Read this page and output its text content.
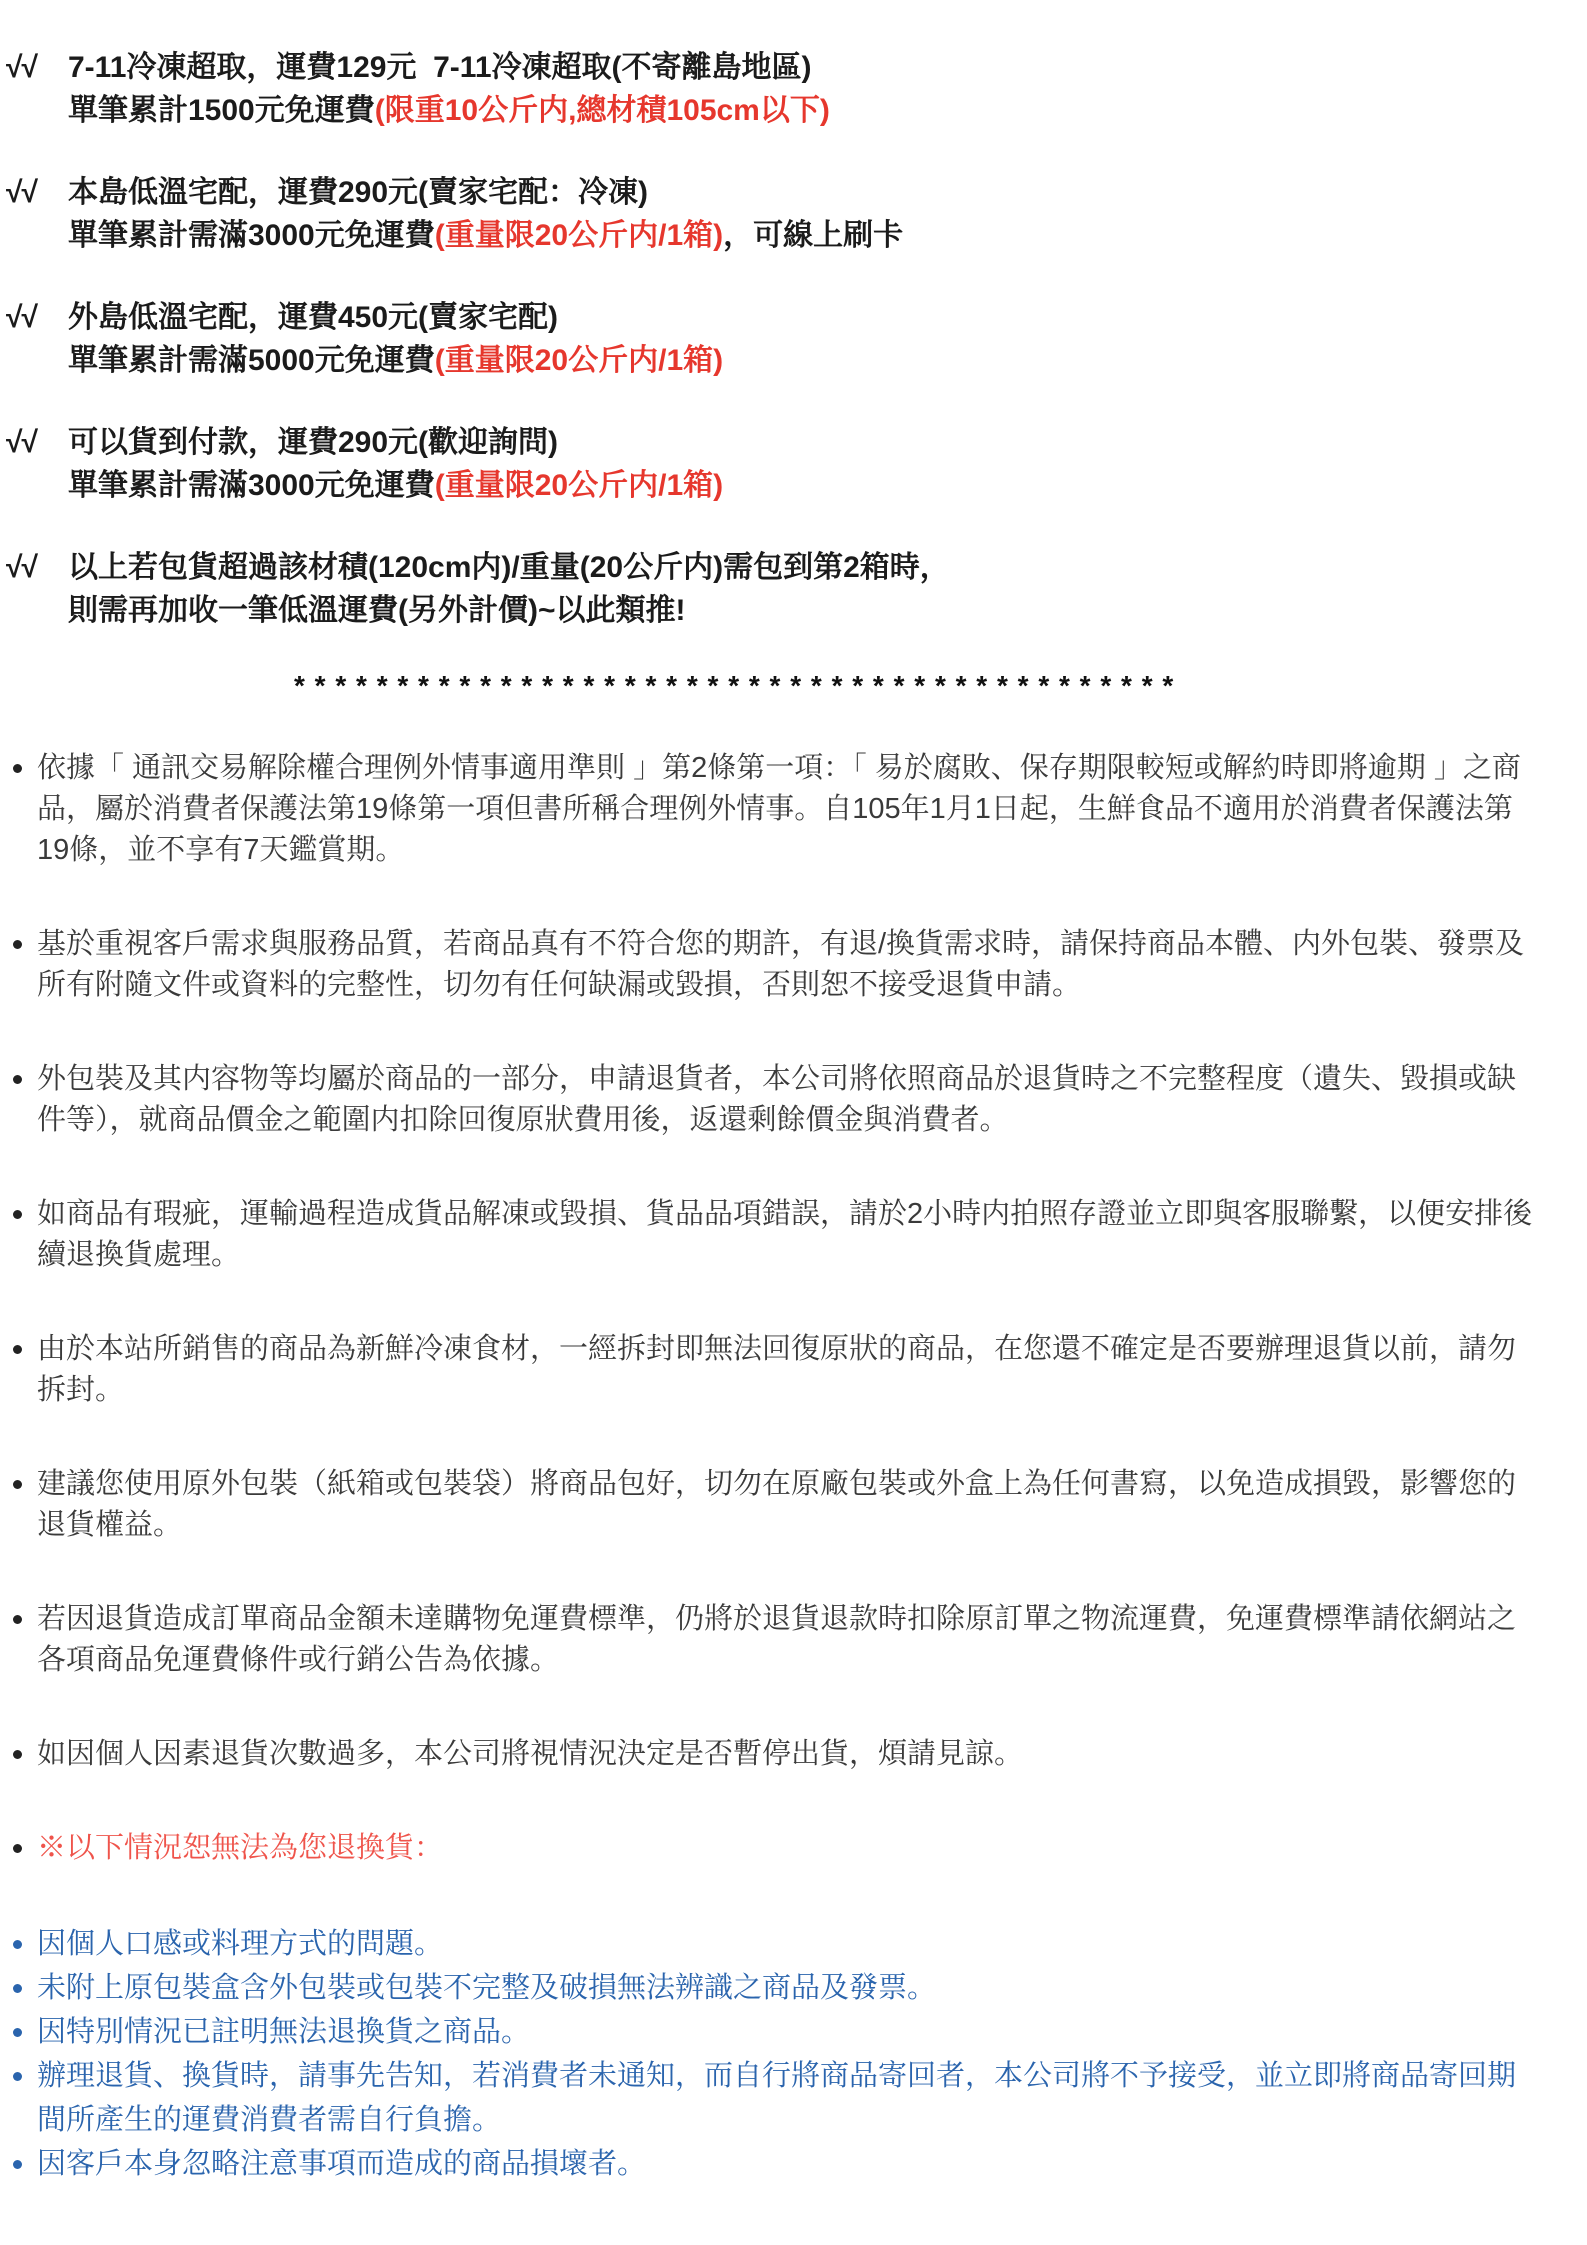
√√	7-11冷凍超取，運費129元  7-11冷凍超取(不寄離島地區)
單筆累計1500元免運費(限重10公斤内,總材積105cm以下)
√√	本島低溫宅配，運費290元(賣家宅配：冷凍)
單筆累計需滿3000元免運費(重量限20公斤内/1箱)，可線上刷卡
√√	外島低溫宅配，運費450元(賣家宅配)
單筆累計需滿5000元免運費(重量限20公斤内/1箱)
√√	可以貨到付款，運費290元(歡迎詢問)
單筆累計需滿3000元免運費(重量限20公斤内/1箱)
√√	以上若包貨超過該材積(120cm内)/重量(20公斤内)需包到第2箱時，
則需再加收一筆低溫運費(另外計價)~以此類推!
* * * * * * * * * * * * * * * * * * * * * * * * * * * * * * * * * * * * * * * * * * *

依據「 通訊交易解除權合理例外情事適用準則 」第2條第一項：「 易於腐敗、保存期限較短或解約時即將逾期 」之商品，屬於消費者保護法第19條第一項但書所稱合理例外情事。自105年1月1日起，生鮮食品不適用於消費者保護法第19條，並不享有7天鑑賞期。

基於重視客戶需求與服務品質，若商品真有不符合您的期許，有退/換貨需求時，請保持商品本體、内外包裝、發票及所有附隨文件或資料的完整性，切勿有任何缺漏或毀損，否則恕不接受退貨申請。

外包裝及其内容物等均屬於商品的一部分，申請退貨者，本公司將依照商品於退貨時之不完整程度（遺失、毀損或缺件等），就商品價金之範圍内扣除回復原狀費用後，返還剩餘價金與消費者。

如商品有瑕疵，運輸過程造成貨品解凍或毀損、貨品品項錯誤，請於2小時内拍照存證並立即與客服聯繫，以便安排後續退換貨處理。

由於本站所銷售的商品為新鮮冷凍食材，一經拆封即無法回復原狀的商品，在您還不確定是否要辦理退貨以前，請勿拆封。

建議您使用原外包裝（紙箱或包裝袋）將商品包好，切勿在原廠包裝或外盒上為任何書寫，以免造成損毀，影響您的退貨權益。

若因退貨造成訂單商品金額未達購物免運費標準，仍將於退貨退款時扣除原訂單之物流運費，免運費標準請依網站之各項商品免運費條件或行銷公告為依據。

如因個人因素退貨次數過多，本公司將視情況決定是否暫停出貨，煩請見諒。

※以下情況恕無法為您退換貨：

因個人口感或料理方式的問題。

未附上原包裝盒含外包裝或包裝不完整及破損無法辨識之商品及發票。

因特別情況已註明無法退換貨之商品。

辦理退貨、換貨時，請事先告知，若消費者未通知，而自行將商品寄回者，本公司將不予接受，並立即將商品寄回期間所產生的運費消費者需自行負擔。

因客戶本身忽略注意事項而造成的商品損壞者。
